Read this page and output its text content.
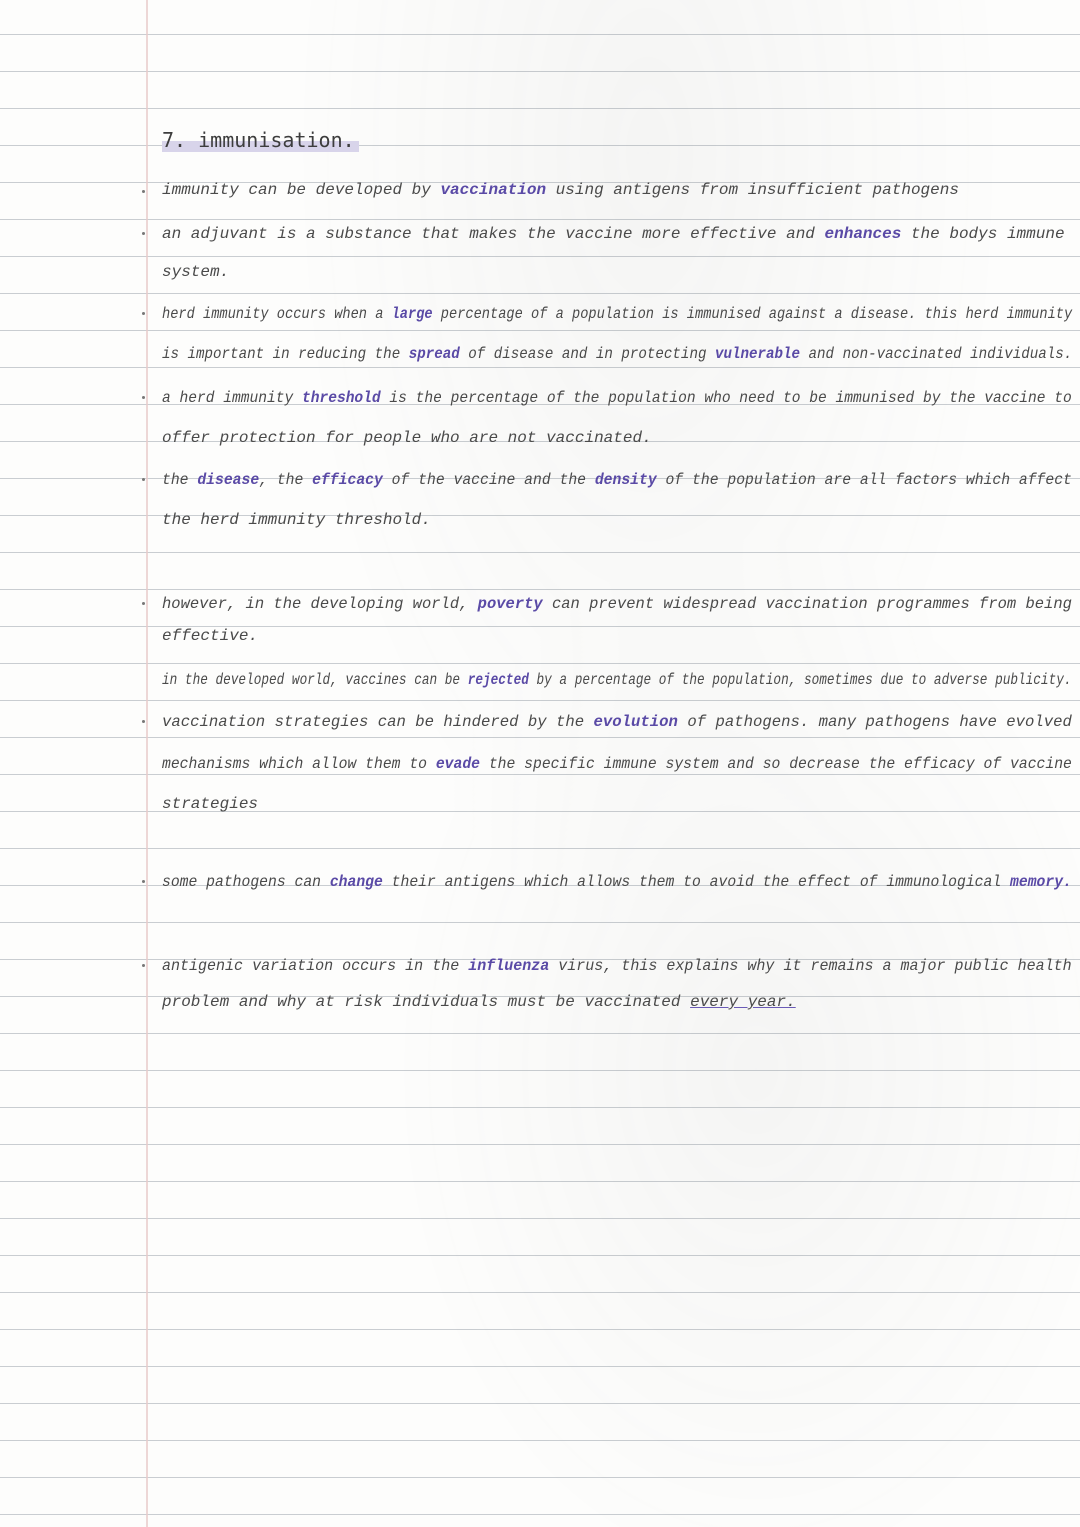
7. immunisation.
immunity can be developed by vaccination using antigens from insufficient pathogens
an adjuvant is a substance that makes the vaccine more effective and enhances the bodys immune
system.
herd immunity occurs when a large percentage of a population is immunised against a disease. this herd immunity
is important in reducing the spread of disease and in protecting vulnerable and non-vaccinated individuals.
a herd immunity threshold is the percentage of the population who need to be immunised by the vaccine to
offer protection for people who are not vaccinated.
the disease, the efficacy of the vaccine and the density of the population are all factors which affect
the herd immunity threshold.
however, in the developing world, poverty can prevent widespread vaccination programmes from being
effective.
in the developed world, vaccines can be rejected by a percentage of the population, sometimes due to adverse publicity.
vaccination strategies can be hindered by the evolution of pathogens. many pathogens have evolved
mechanisms which allow them to evade the specific immune system and so decrease the efficacy of vaccine
strategies
some pathogens can change their antigens which allows them to avoid the effect of immunological memory.
antigenic variation occurs in the influenza virus, this explains why it remains a major public health
problem and why at risk individuals must be vaccinated every year.
